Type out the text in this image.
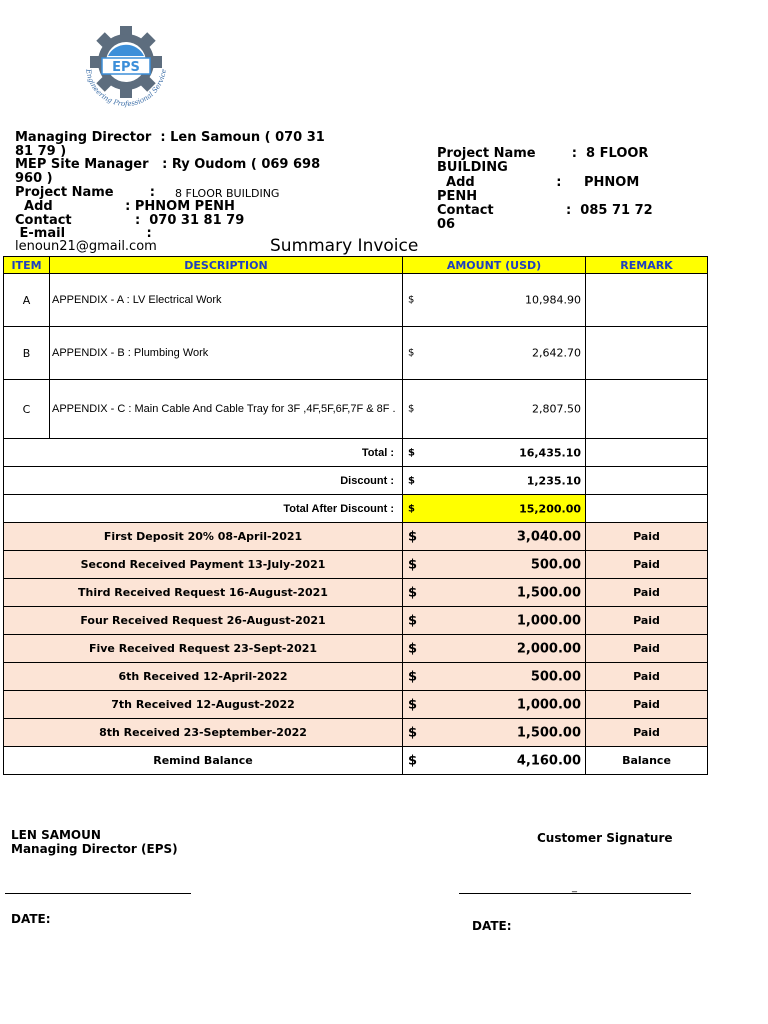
EPS
Engineering Professional Service
Managing Director  : Len Samoun ( 070 31
81 79 )
MEP Site Manager   : Ry Oudom ( 069 698
960 )
Project Name        : 8 FLOOR BUILDING
Add                : PHNOM PENH
Contact              :  070 31 81 79
E-mail                  :
lenoun21@gmail.com
Project Name        :  8 FLOOR
BUILDING
Add                  :     PHNOM
PENH
Contact                :  085 71 72
06
Summary Invoice
ITEM	DESCRIPTION	AMOUNT (USD)	REMARK
A	APPENDIX - A : LV Electrical Work	$ 10,984.90	

B	APPENDIX - B : Plumbing Work	$ 2,642.70	

C	APPENDIX - C : Main Cable And Cable Tray for 3F ,4F,5F,6F,7F & 8F .	$ 2,807.50	

Total :		$ 16,435.10	

Discount :		$ 1,235.10	

Total After Discount :		$ 15,200.00	

First Deposit 20% 08-April-2021		$ 3,040.00	Paid
Second Received Payment 13-July-2021		$ 500.00	Paid
Third Received Request 16-August-2021		$ 1,500.00	Paid
Four Received Request 26-August-2021		$ 1,000.00	Paid
Five Received Request 23-Sept-2021		$ 2,000.00	Paid
6th Received 12-April-2022		$ 500.00	Paid
7th Received 12-August-2022		$ 1,000.00	Paid
8th Received 23-September-2022		$ 1,500.00	Paid
Remind Balance		$ 4,160.00	Balance
LEN SAMOUN
Managing Director (EPS)
Customer Signature
_
DATE:	DATE:
